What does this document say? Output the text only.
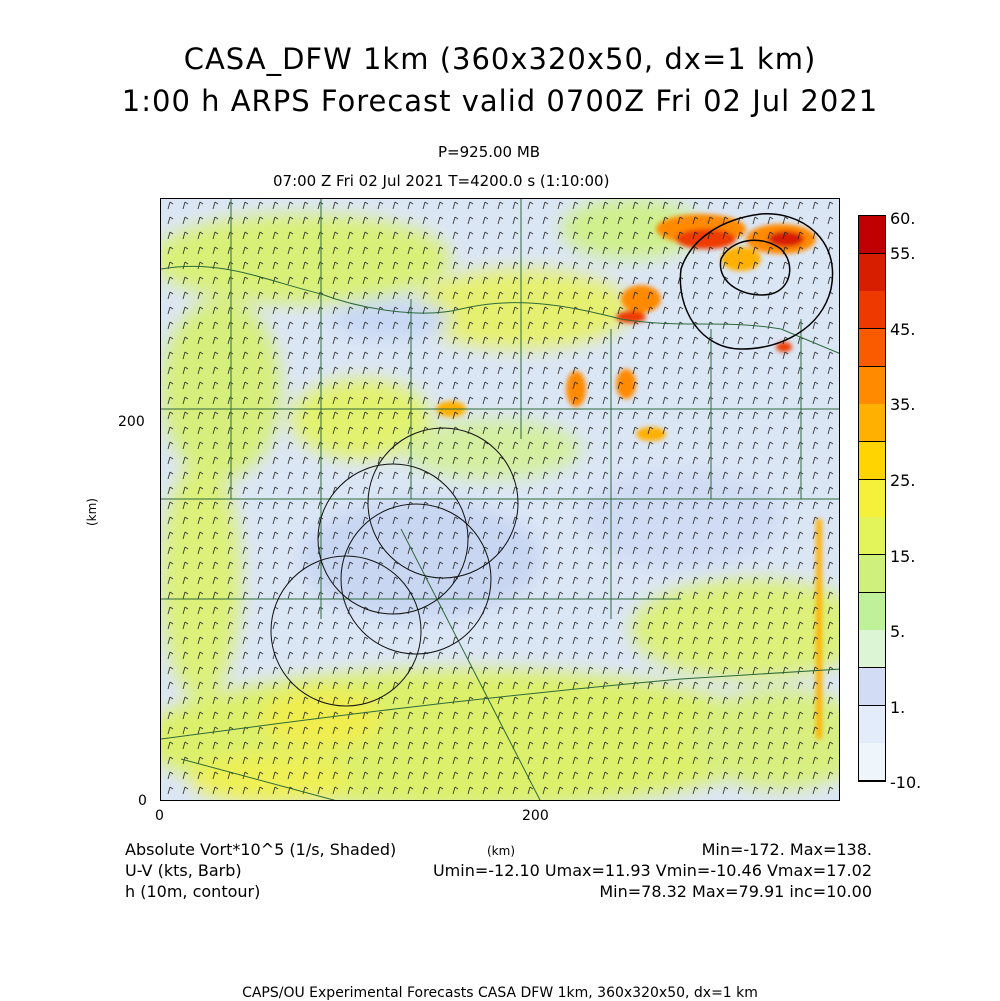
CASA_DFW 1km (360x320x50, dx=1 km)
1:00 h ARPS Forecast valid 0700Z Fri 02 Jul 2021
P=925.00 MB
07:00 Z Fri 02 Jul 2021 T=4200.0 s (1:10:00)
200
0
(km)
0	200
60.
55.
45.
35.
25.
15.
5.
1.
-10.
Absolute Vort*10^5 (1/s, Shaded)
U-V (kts, Barb)
h (10m, contour)
(km)	Min=-172. Max=138.
Umin=-12.10 Umax=11.93 Vmin=-10.46 Vmax=17.02
Min=78.32 Max=79.91 inc=10.00
CAPS/OU Experimental Forecasts CASA DFW 1km, 360x320x50, dx=1 km
